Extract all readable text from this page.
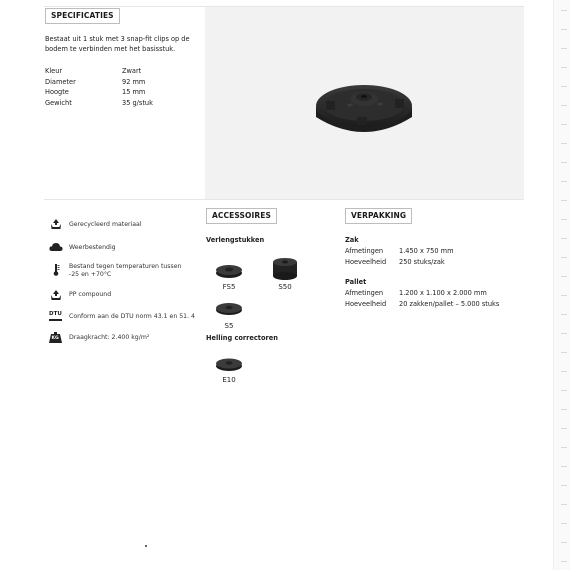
SPECIFICATIES
Bestaat uit 1 stuk met 3 snap-fit clips op de
bodem te verbinden met het basisstuk.
Kleur	Zwart
Diameter	92 mm
Hoogte	15 mm
Gewicht	35 g/stuk
Gerecycleerd materiaal
Weerbestendig
Bestand tegen temperaturen tussen
-25 en +70°C
PP compound
DTU Conform aan de DTU norm 43.1 en 51. 4
KG Draagkracht: 2.400 kg/m²
ACCESSOIRES
Verlengstukken
FS5	S50
S5
Helling correctoren
E10
VERPAKKING
Zak
Afmetingen 1.450 x 750 mm
Hoeveelheid 250 stuks/zak
Pallet
Afmetingen 1.200 x 1.100 x 2.000 mm
Hoeveelheid 20 zakken/pallet – 5.000 stuks
